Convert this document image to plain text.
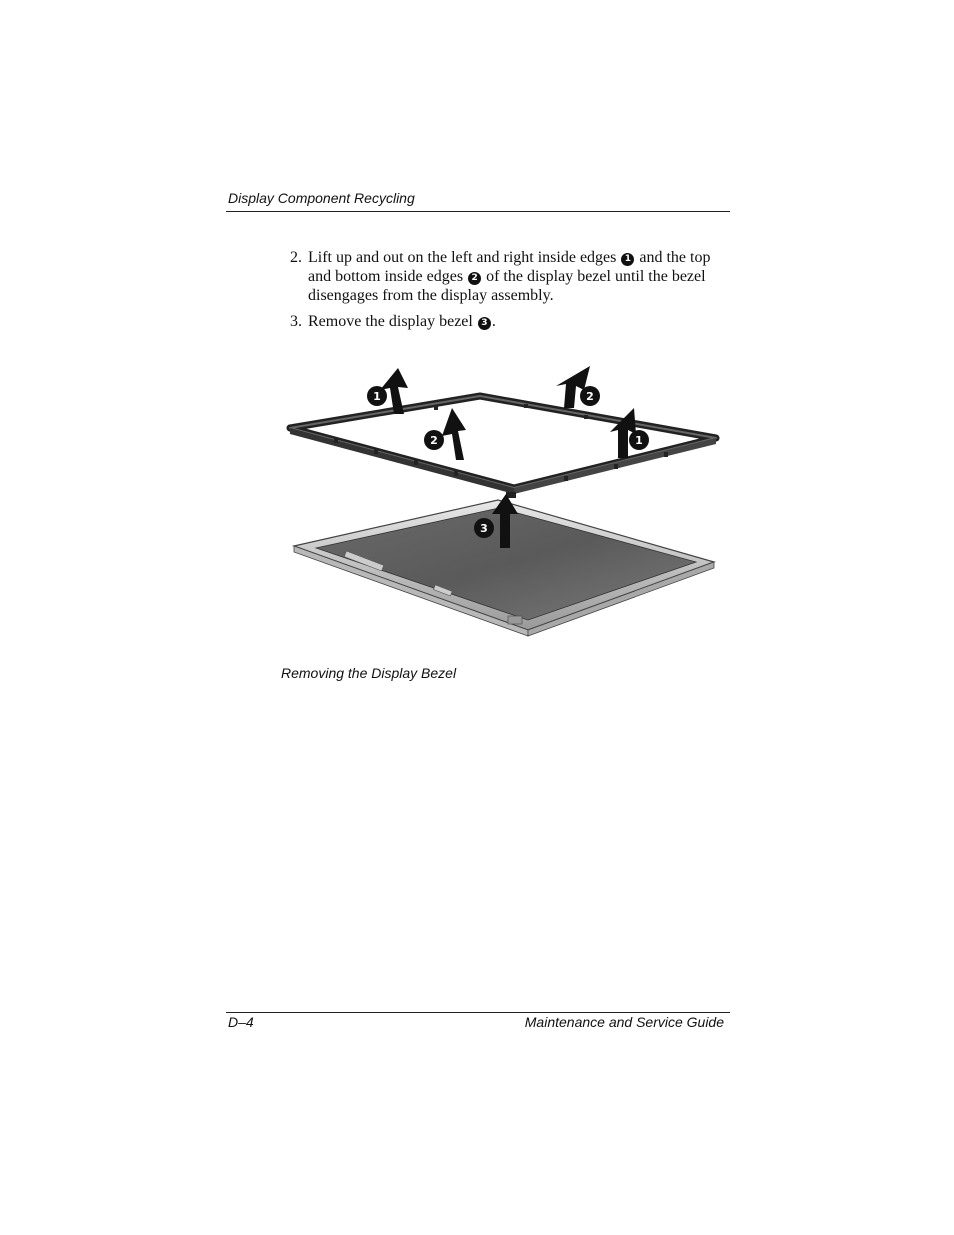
Display Component Recycling
2. Lift up and out on the left and right inside edges 1 and the top and bottom inside edges 2 of the display bezel until the bezel disengages from the display assembly.
3. Remove the display bezel 3 .
1
2
2
1
3
Removing the Display Bezel
D–4	Maintenance and Service Guide
